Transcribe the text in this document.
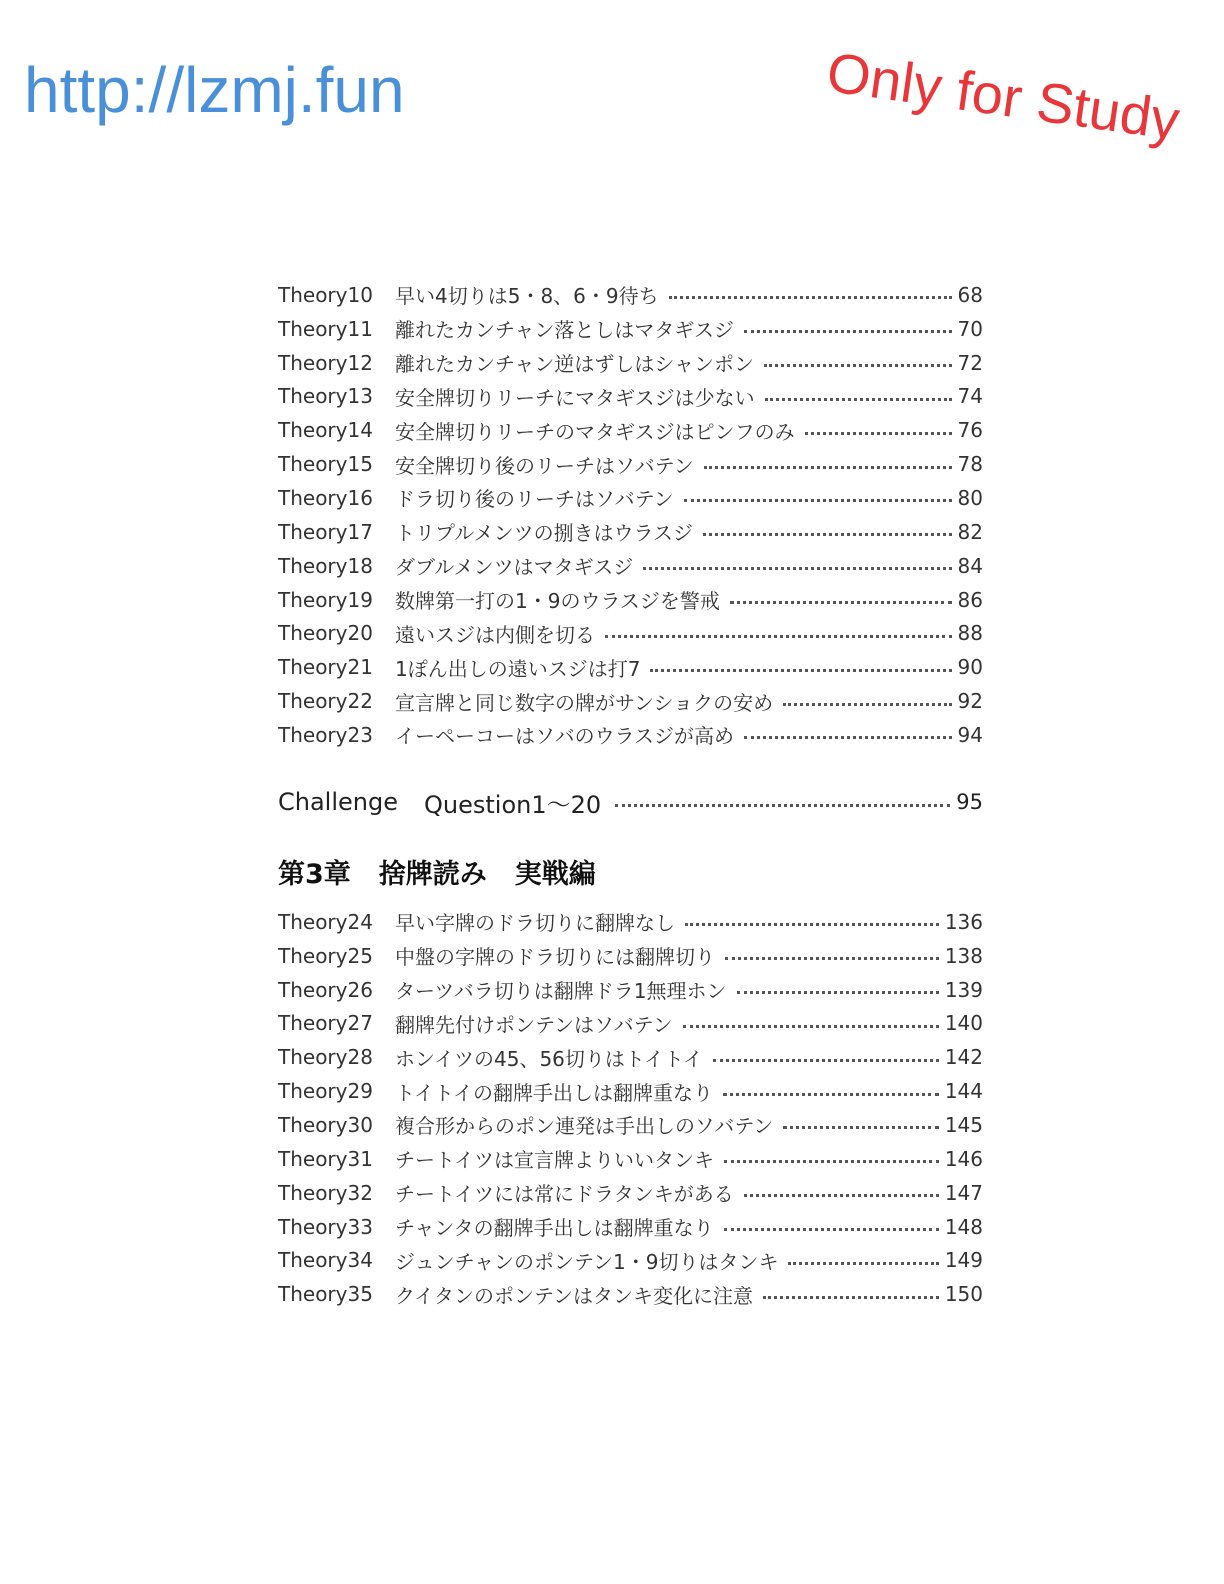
http://lzmj.fun	Only for Study
Theory10	早い4切りは5・8、6・9待ち	68
Theory11	離れたカンチャン落としはマタギスジ	70
Theory12	離れたカンチャン逆はずしはシャンポン	72
Theory13	安全牌切りリーチにマタギスジは少ない	74
Theory14	安全牌切りリーチのマタギスジはピンフのみ	76
Theory15	安全牌切り後のリーチはソバテン	78
Theory16	ドラ切り後のリーチはソバテン	80
Theory17	トリプルメンツの捌きはウラスジ	82
Theory18	ダブルメンツはマタギスジ	84
Theory19	数牌第一打の1・9のウラスジを警戒	86
Theory20	遠いスジは内側を切る	88
Theory21	1ぽん出しの遠いスジは打7	90
Theory22	宣言牌と同じ数字の牌がサンショクの安め	92
Theory23	イーペーコーはソバのウラスジが高め	94
Challenge Question1〜20	95
第3章 捨牌読み 実戦編
Theory24	早い字牌のドラ切りに翻牌なし	136
Theory25	中盤の字牌のドラ切りには翻牌切り	138
Theory26	ターツバラ切りは翻牌ドラ1無理ホン	139
Theory27	翻牌先付けポンテンはソバテン	140
Theory28	ホンイツの45、56切りはトイトイ	142
Theory29	トイトイの翻牌手出しは翻牌重なり	144
Theory30	複合形からのポン連発は手出しのソバテン	145
Theory31	チートイツは宣言牌よりいいタンキ	146
Theory32	チートイツには常にドラタンキがある	147
Theory33	チャンタの翻牌手出しは翻牌重なり	148
Theory34	ジュンチャンのポンテン1・9切りはタンキ	149
Theory35	クイタンのポンテンはタンキ変化に注意	150
